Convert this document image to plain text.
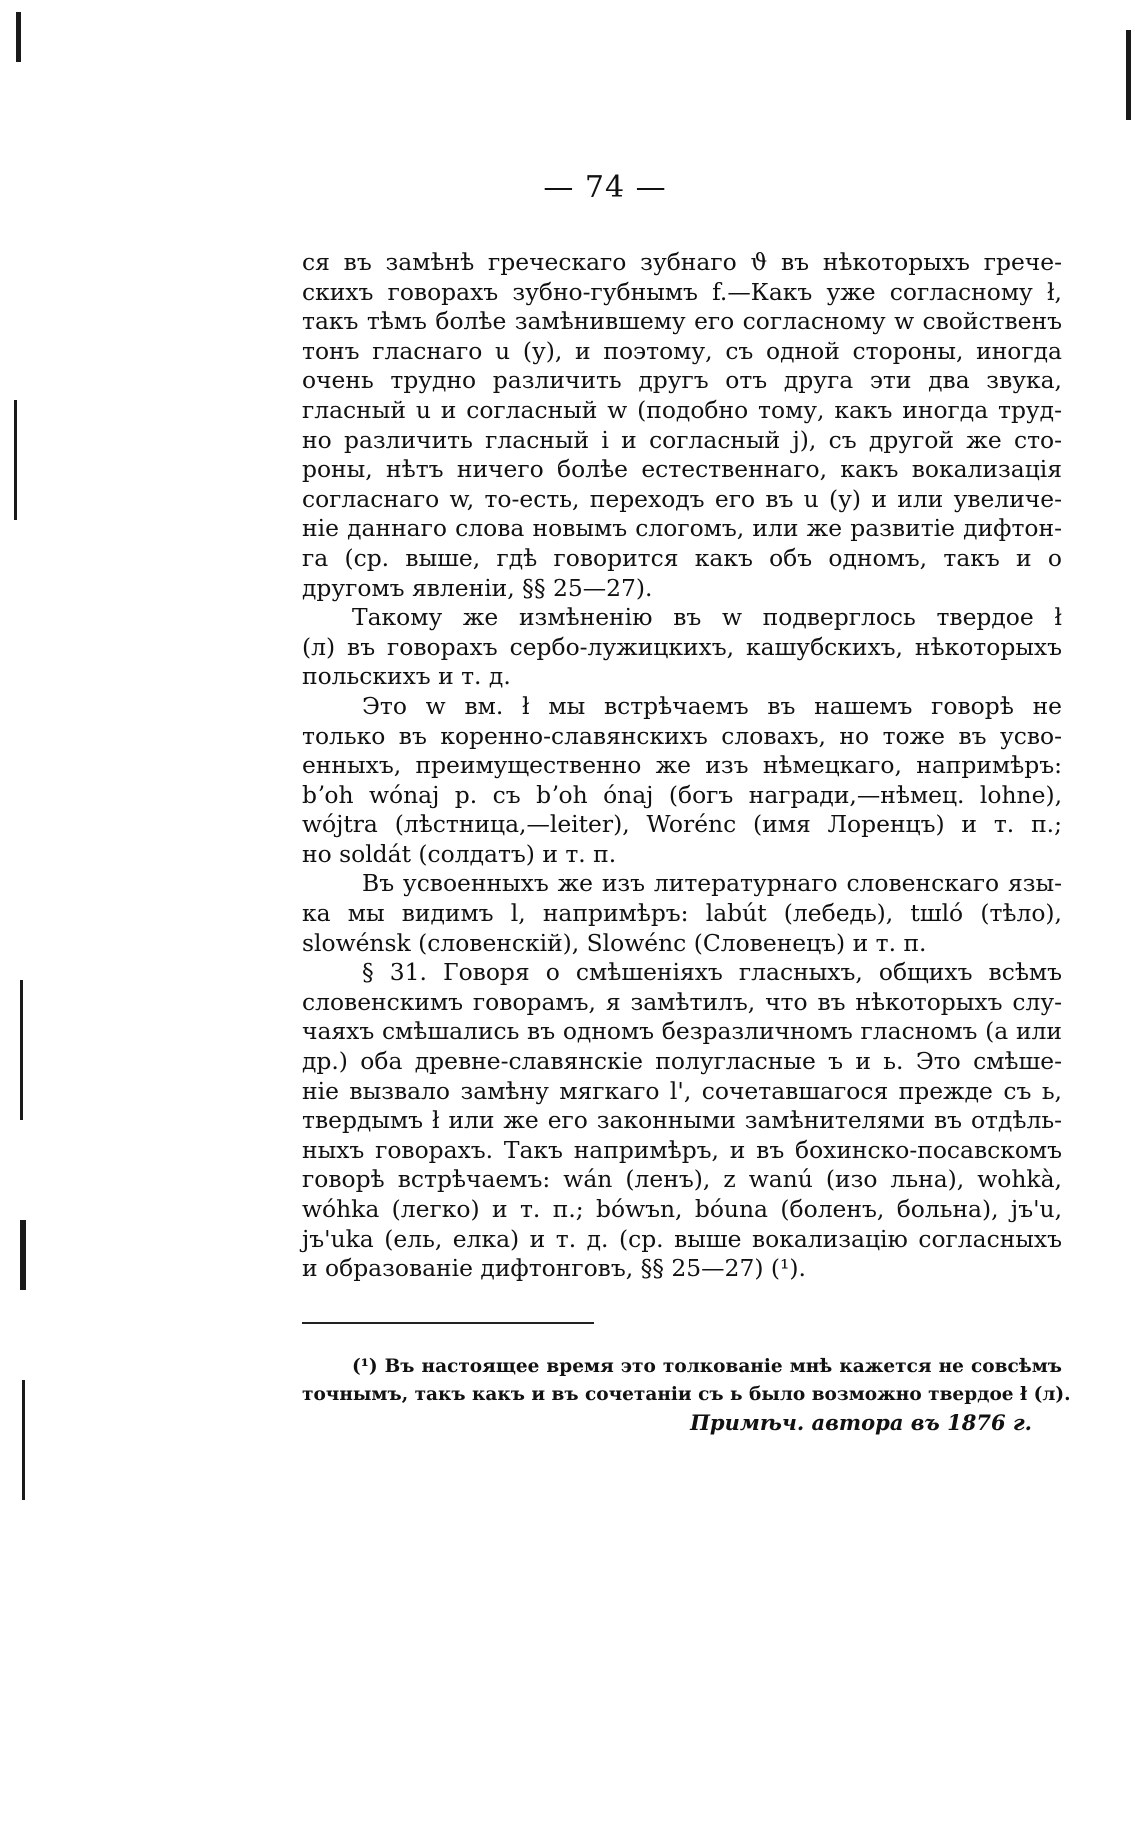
— 74 —
ся въ замѣнѣ греческаго зубнаго ϑ въ нѣкоторыхъ грече-
скихъ говорахъ зубно-губнымъ f.—Какъ уже согласному ł,
такъ тѣмъ болѣе замѣнившему его согласному w свойственъ
тонъ гласнаго u (у), и поэтому, съ одной стороны, иногда
очень трудно различить другъ отъ друга эти два звука,
гласный u и согласный w (подобно тому, какъ иногда труд-
но различить гласный i и согласный j), съ другой же сто-
роны, нѣтъ ничего болѣе естественнаго, какъ вокализація
согласнаго w, то-есть, переходъ его въ u (у) и или увеличе-
ніе даннаго слова новымъ слогомъ, или же развитіе дифтон-
га (ср. выше, гдѣ говорится какъ объ одномъ, такъ и о
другомъ явленіи, §§ 25—27).
Такому же измѣненію въ w подверглось твердое ł
(л) въ говорахъ сербо-лужицкихъ, кашубскихъ, нѣкоторыхъ
польскихъ и т. д.
Это w вм. ł мы встрѣчаемъ въ нашемъ говорѣ не
только въ коренно-славянскихъ словахъ, но тоже въ усво-
енныхъ, преимущественно же изъ нѣмецкаго, напримѣръ:
bʼoh wónaj р. съ bʼoh ónaj (богъ награди,—нѣмец. lohne),
wójtra (лѣстница,—leiter), Worénc (имя Лоренцъ) и т. п.;
но soldát (солдатъ) и т. п.
Въ усвоенныхъ же изъ литературнаго словенскаго язы-
ка мы видимъ l, напримѣръ: labút (лебедь), tшló (тѣло),
slowénsk (словенскій), Slowénc (Словенецъ) и т. п.
§ 31. Говоря о смѣшеніяхъ гласныхъ, общихъ всѣмъ
словенскимъ говорамъ, я замѣтилъ, что въ нѣкоторыхъ слу-
чаяхъ смѣшались въ одномъ безразличномъ гласномъ (a или
др.) оба древне-славянскіе полугласные ъ и ь. Это смѣше-
ніе вызвало замѣну мягкаго l', сочетавшагося прежде съ ь,
твердымъ ł или же его законными замѣнителями въ отдѣль-
ныхъ говорахъ. Такъ напримѣръ, и въ бохинско-посавскомъ
говорѣ встрѣчаемъ: wán (ленъ), z wanú (изо льна), wohkà,
wóhka (легко) и т. п.; bówъn, bóuna (боленъ, больна), jъ'u,
jъ'uka (ель, елка) и т. д. (ср. выше вокализацію согласныхъ
и образованіе дифтонговъ, §§ 25—27) (¹).
(¹) Въ настоящее время это толкованіе мнѣ кажется не совсѣмъ
точнымъ, такъ какъ и въ сочетаніи съ ь было возможно твердое ł (л).
Примѣч. автора въ 1876 г.
